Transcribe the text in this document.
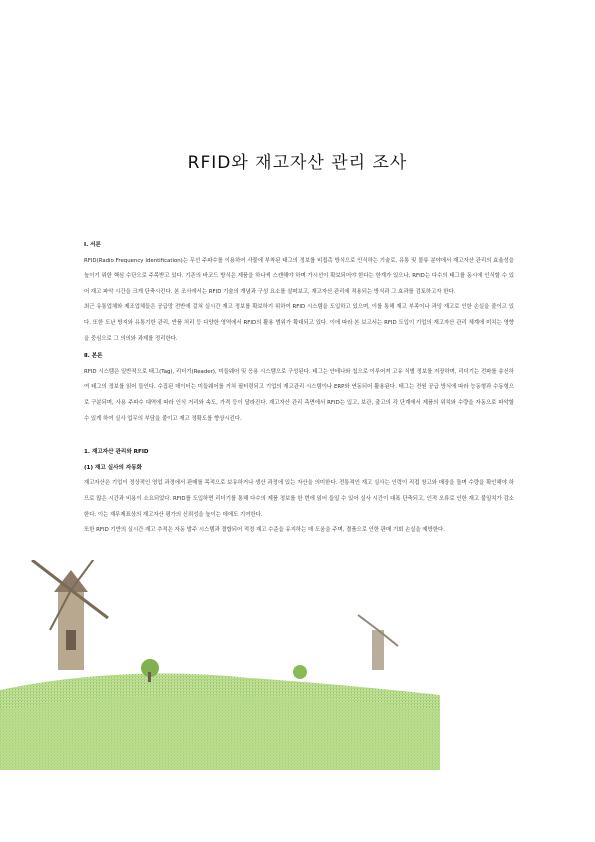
RFID와 재고자산 관리 조사
Ⅰ. 서론
RFID(Radio Frequency Identification)는 무선 주파수를 이용하여 사물에 부착된 태그의 정보를 비접촉 방식으로 인식하는 기술로, 유통 및 물류 분야에서 재고자산 관리의 효율성을 높이기 위한 핵심 수단으로 주목받고 있다. 기존의 바코드 방식은 제품을 하나씩 스캔해야 하며 가시선이 확보되어야 한다는 한계가 있으나, RFID는 다수의 태그를 동시에 인식할 수 있어 재고 파악 시간을 크게 단축시킨다. 본 조사에서는 RFID 기술의 개념과 구성 요소를 살펴보고, 재고자산 관리에 적용되는 방식과 그 효과를 검토하고자 한다.
최근 유통업체와 제조업체들은 공급망 전반에 걸쳐 실시간 재고 정보를 확보하기 위하여 RFID 시스템을 도입하고 있으며, 이를 통해 재고 부족이나 과잉 재고로 인한 손실을 줄이고 있다. 또한 도난 방지와 유통기한 관리, 반품 처리 등 다양한 영역에서 RFID의 활용 범위가 확대되고 있다. 이에 따라 본 보고서는 RFID 도입이 기업의 재고자산 관리 체계에 미치는 영향을 중심으로 그 의의와 과제를 정리한다.
Ⅱ. 본론
RFID 시스템은 일반적으로 태그(Tag), 리더기(Reader), 미들웨어 및 응용 시스템으로 구성된다. 태그는 안테나와 칩으로 이루어져 고유 식별 정보를 저장하며, 리더기는 전파를 송신하여 태그의 정보를 읽어 들인다. 수집된 데이터는 미들웨어를 거쳐 필터링되고 기업의 재고관리 시스템이나 ERP와 연동되어 활용된다. 태그는 전원 공급 방식에 따라 능동형과 수동형으로 구분되며, 사용 주파수 대역에 따라 인식 거리와 속도, 가격 등이 달라진다. 재고자산 관리 측면에서 RFID는 입고, 보관, 출고의 각 단계에서 제품의 위치와 수량을 자동으로 파악할 수 있게 하여 실사 업무의 부담을 줄이고 재고 정확도를 향상시킨다.
1. 재고자산 관리와 RFID
(1) 재고 실사의 자동화
재고자산은 기업이 정상적인 영업 과정에서 판매를 목적으로 보유하거나 생산 과정에 있는 자산을 의미한다. 전통적인 재고 실사는 인력이 직접 창고와 매장을 돌며 수량을 확인해야 하므로 많은 시간과 비용이 소요되었다. RFID를 도입하면 리더기를 통해 다수의 제품 정보를 한 번에 읽어 들일 수 있어 실사 시간이 대폭 단축되고, 인적 오류로 인한 재고 불일치가 감소한다. 이는 재무제표상의 재고자산 평가의 신뢰성을 높이는 데에도 기여한다.
또한 RFID 기반의 실시간 재고 추적은 자동 발주 시스템과 결합되어 적정 재고 수준을 유지하는 데 도움을 주며, 결품으로 인한 판매 기회 손실을 예방한다.
